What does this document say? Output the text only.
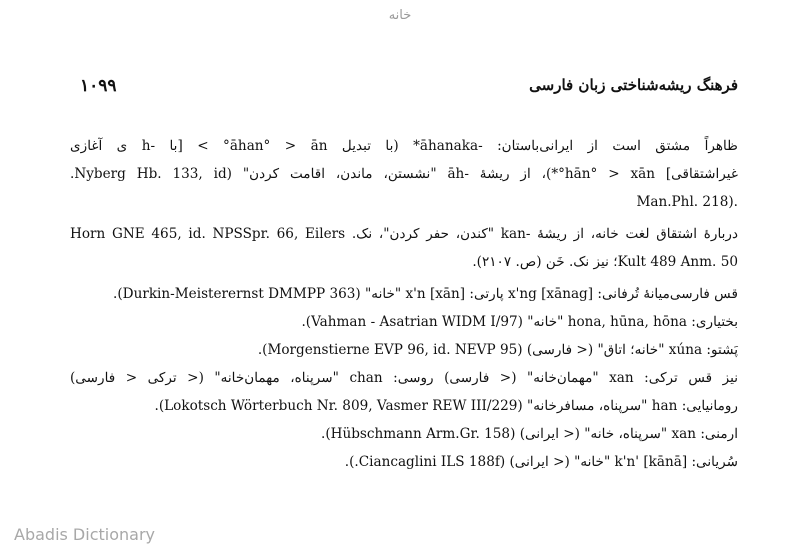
خانه
فرهنگ ریشه‌شناختی زبان فارسی
۱۰۹۹
ظاهراً مشتق است از ایرانی‌باستان: -āhanaka* (با تبدیل āhan° > ān° > [با -h ی آغازی
غیراشتقاقی] hān° > xān°*)، از ریشهٔ -āh "نشستن، ماندن، اقامت کردن" (Nyberg Hb. 133, id.
.(Man.Phl. 218
دربارهٔ اشتقاق لغت خانه، از ریشهٔ -kan "کندن، حفر کردن"، نک. Horn GNE 465, id. NPSSpr. 66, Eilers
Kult 489 Anm. 50؛ نیز نک. خَن (ص. ۲۱۰۷).
قس فارسی‌میانهٔ تُرفانی: x'ng [xānag] پارتی: x'n [xān] "خانه" (Durkin-Meisterernst DMMPP 363).
بختیاری: hona, hūna, hōna "خانه" (Vahman - Asatrian WIDM I/97).
پَشتو: xúna "خانه؛ اتاق" (< فارسی) (Morgenstierne EVP 96, id. NEVP 95).
نیز قس ترکی: xan "مهمان‌خانه" (< فارسی) روسی: chan "سرپناه، مهمان‌خانه" (< ترکی < فارسی)
رومانیایی: han "سرپناه، مسافرخانه" (Lokotsch Wörterbuch Nr. 809, Vasmer REW III/229).
ارمنی: xan "سرپناه، خانه" (< ایرانی) (Hübschmann Arm.Gr. 158).
سُریانی: k'n' [kānā] "خانه" (< ایرانی) (Ciancaglini ILS 188f.).
Abadis Dictionary
